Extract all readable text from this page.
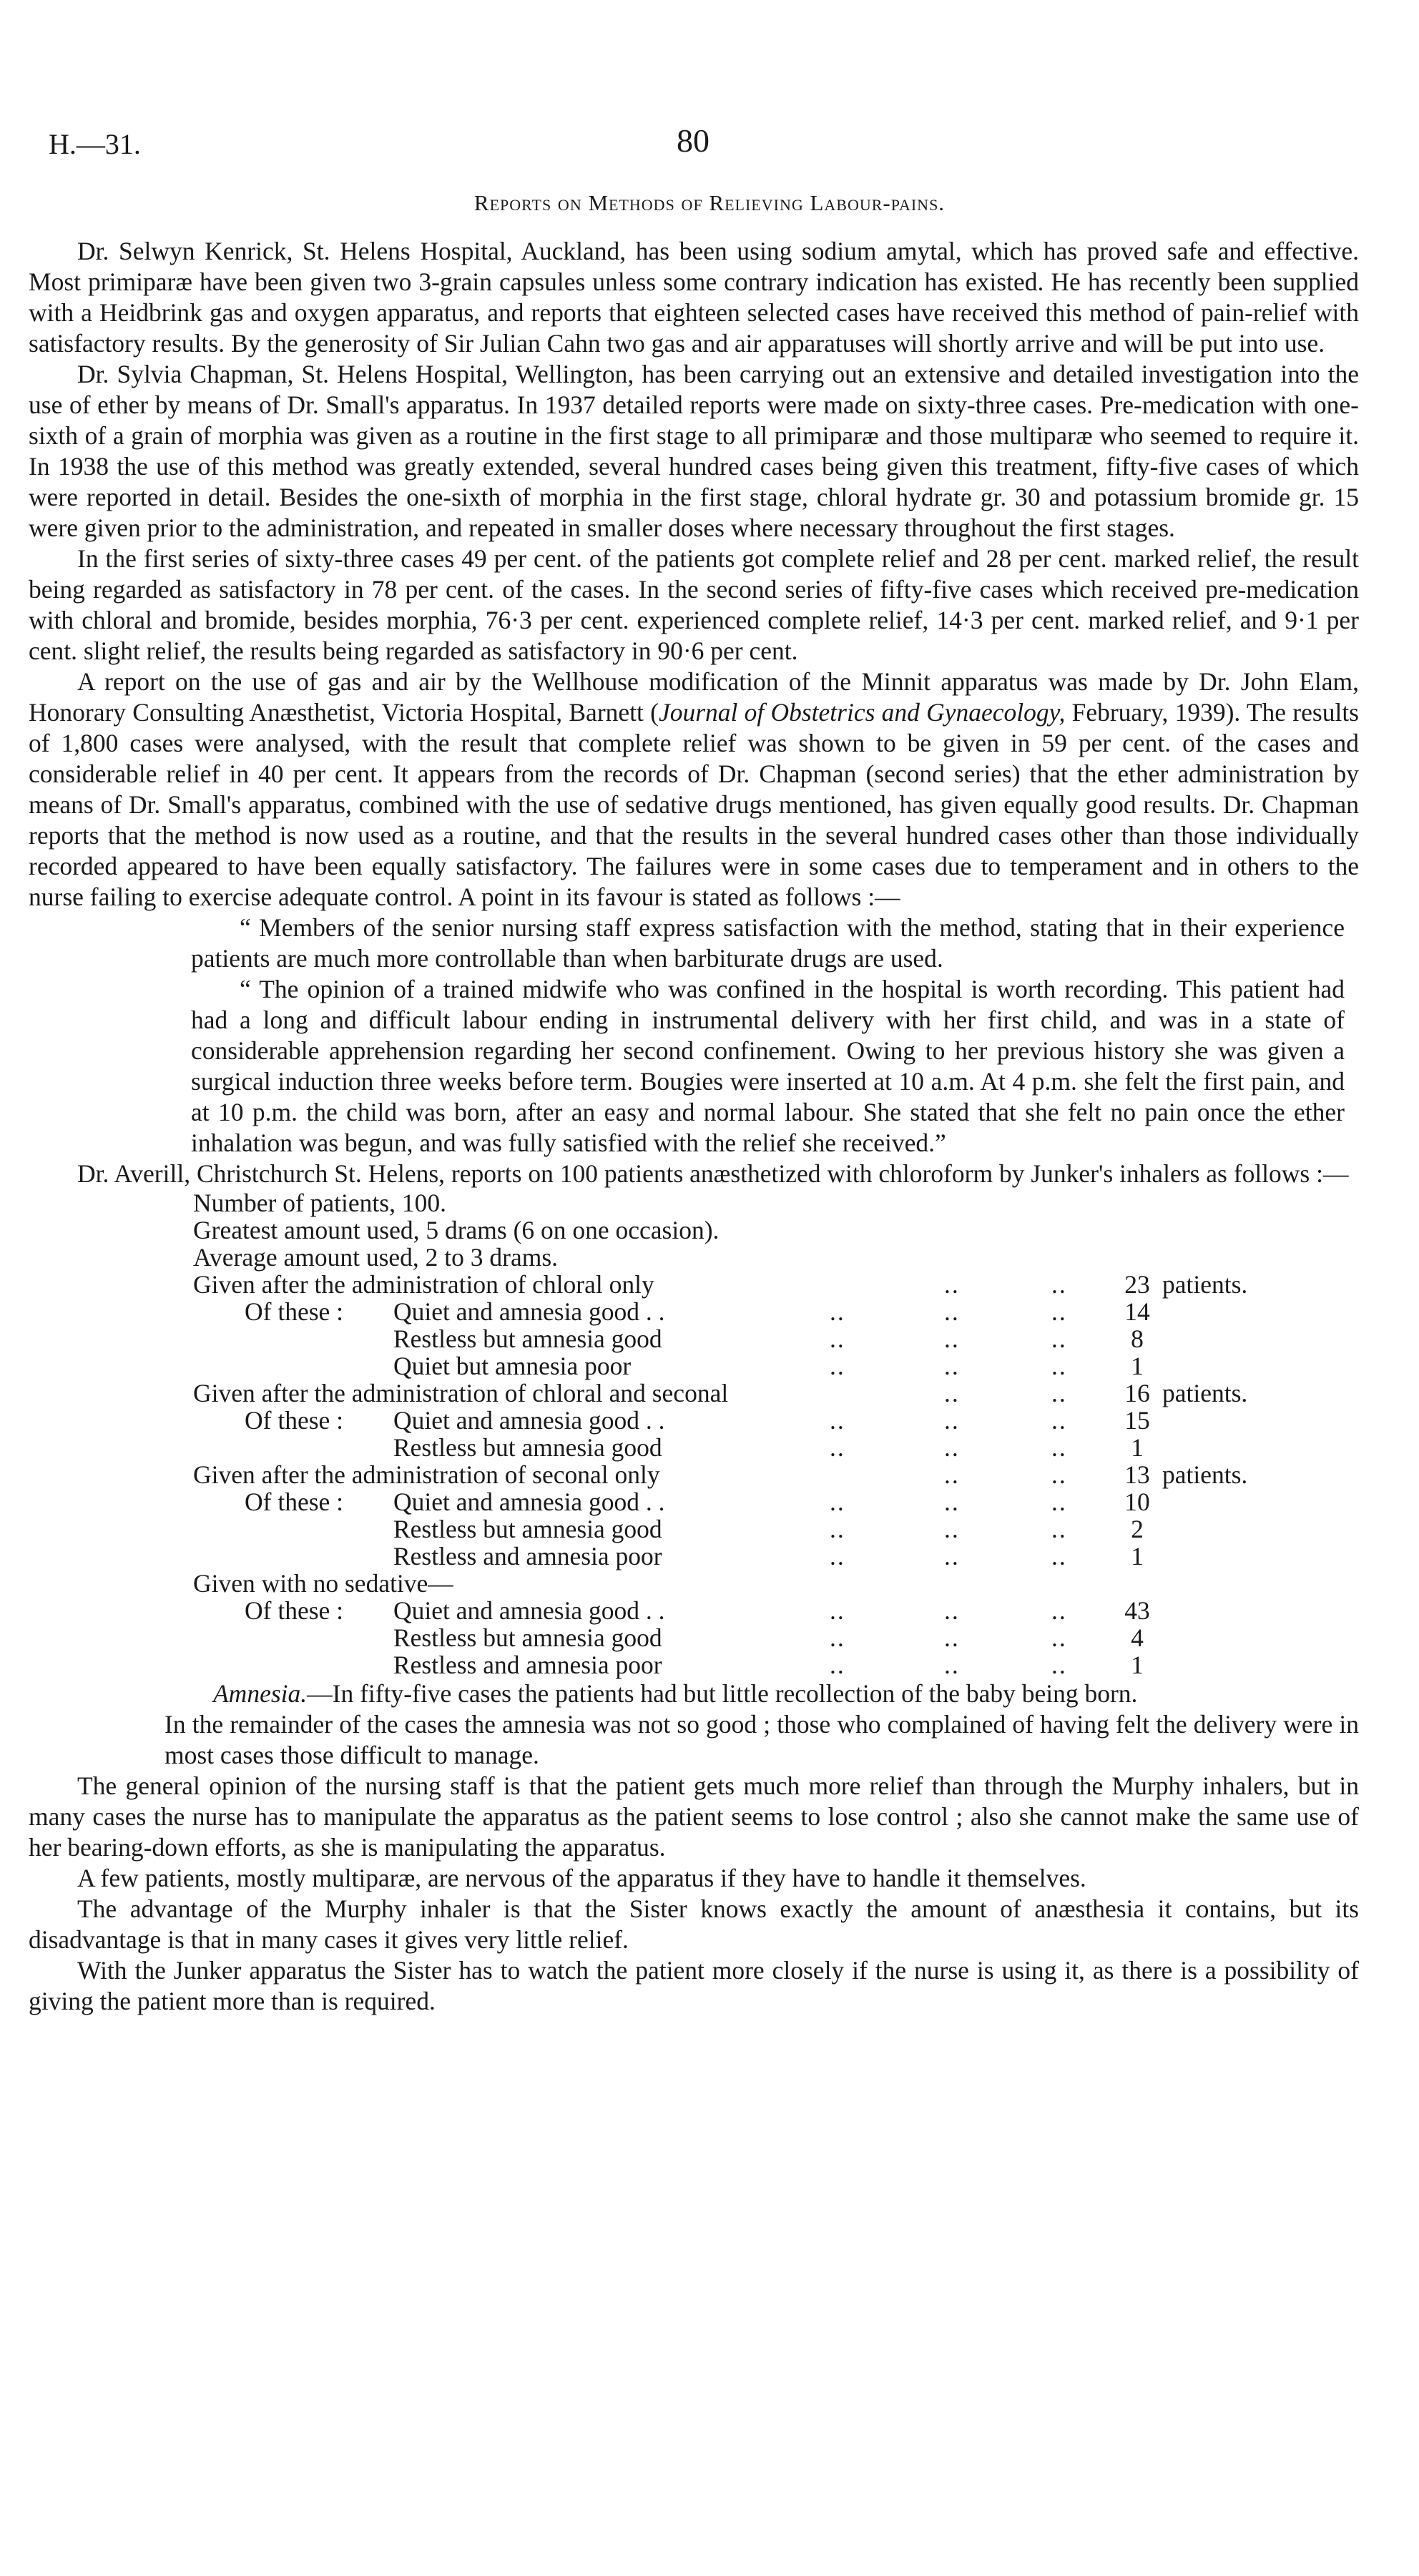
H.—31.	80
Reports on Methods of Relieving Labour-pains.

Dr. Selwyn Kenrick, St. Helens Hospital, Auckland, has been using sodium amytal, which has proved safe and effective. Most primiparæ have been given two 3-grain capsules unless some contrary indication has existed. He has recently been supplied with a Heidbrink gas and oxygen apparatus, and reports that eighteen selected cases have received this method of pain-relief with satisfactory results. By the generosity of Sir Julian Cahn two gas and air apparatuses will shortly arrive and will be put into use.

Dr. Sylvia Chapman, St. Helens Hospital, Wellington, has been carrying out an extensive and detailed investigation into the use of ether by means of Dr. Small's apparatus. In 1937 detailed reports were made on sixty-three cases. Pre-medication with one-sixth of a grain of morphia was given as a routine in the first stage to all primiparæ and those multiparæ who seemed to require it. In 1938 the use of this method was greatly extended, several hundred cases being given this treatment, fifty-five cases of which were reported in detail. Besides the one-sixth of morphia in the first stage, chloral hydrate gr. 30 and potassium bromide gr. 15 were given prior to the administration, and repeated in smaller doses where necessary throughout the first stages.

In the first series of sixty-three cases 49 per cent. of the patients got complete relief and 28 per cent. marked relief, the result being regarded as satisfactory in 78 per cent. of the cases. In the second series of fifty-five cases which received pre-medication with chloral and bromide, besides morphia, 76·3 per cent. experienced complete relief, 14·3 per cent. marked relief, and 9·1 per cent. slight relief, the results being regarded as satisfactory in 90·6 per cent.

A report on the use of gas and air by the Wellhouse modification of the Minnit apparatus was made by Dr. John Elam, Honorary Consulting Anæsthetist, Victoria Hospital, Barnett (Journal of Obstetrics and Gynaecology, February, 1939). The results of 1,800 cases were analysed, with the result that complete relief was shown to be given in 59 per cent. of the cases and considerable relief in 40 per cent. It appears from the records of Dr. Chapman (second series) that the ether administration by means of Dr. Small's apparatus, combined with the use of sedative drugs mentioned, has given equally good results. Dr. Chapman reports that the method is now used as a routine, and that the results in the several hundred cases other than those individually recorded appeared to have been equally satisfactory. The failures were in some cases due to temperament and in others to the nurse failing to exercise adequate control. A point in its favour is stated as follows :—

“ Members of the senior nursing staff express satisfaction with the method, stating that in their experience patients are much more controllable than when barbiturate drugs are used.

“ The opinion of a trained midwife who was confined in the hospital is worth recording. This patient had had a long and difficult labour ending in instrumental delivery with her first child, and was in a state of considerable apprehension regarding her second confinement. Owing to her previous history she was given a surgical induction three weeks before term. Bougies were inserted at 10 a.m. At 4 p.m. she felt the first pain, and at 10 p.m. the child was born, after an easy and normal labour. She stated that she felt no pain once the ether inhalation was begun, and was fully satisfied with the relief she received.”

Dr. Averill, Christchurch St. Helens, reports on 100 patients anæsthetized with chloroform by Junker's inhalers as follows :—

Number of patients, 100.
Greatest amount used, 5 drams (6 on one occasion).
Average amount used, 2 to 3 drams.
Given after the administration of chloral only	..	..	23 patients.
Of these : Quiet and amnesia good . .	..	..	..	14
Restless but amnesia good	..	..	..	8
Quiet but amnesia poor	..	..	..	1
Given after the administration of chloral and seconal	..	..	16 patients.
Of these : Quiet and amnesia good . .	..	..	..	15
Restless but amnesia good	..	..	..	1
Given after the administration of seconal only	..	..	13 patients.
Of these : Quiet and amnesia good . .	..	..	..	10
Restless but amnesia good	..	..	..	2
Restless and amnesia poor	..	..	..	1
Given with no sedative—
Of these : Quiet and amnesia good . .	..	..	..	43
Restless but amnesia good	..	..	..	4
Restless and amnesia poor	..	..	..	1

Amnesia.—In fifty-five cases the patients had but little recollection of the baby being born.

In the remainder of the cases the amnesia was not so good ; those who complained of having felt the delivery were in most cases those difficult to manage.

The general opinion of the nursing staff is that the patient gets much more relief than through the Murphy inhalers, but in many cases the nurse has to manipulate the apparatus as the patient seems to lose control ; also she cannot make the same use of her bearing-down efforts, as she is manipulating the apparatus.

A few patients, mostly multiparæ, are nervous of the apparatus if they have to handle it themselves.

The advantage of the Murphy inhaler is that the Sister knows exactly the amount of anæsthesia it contains, but its disadvantage is that in many cases it gives very little relief.

With the Junker apparatus the Sister has to watch the patient more closely if the nurse is using it, as there is a possibility of giving the patient more than is required.
